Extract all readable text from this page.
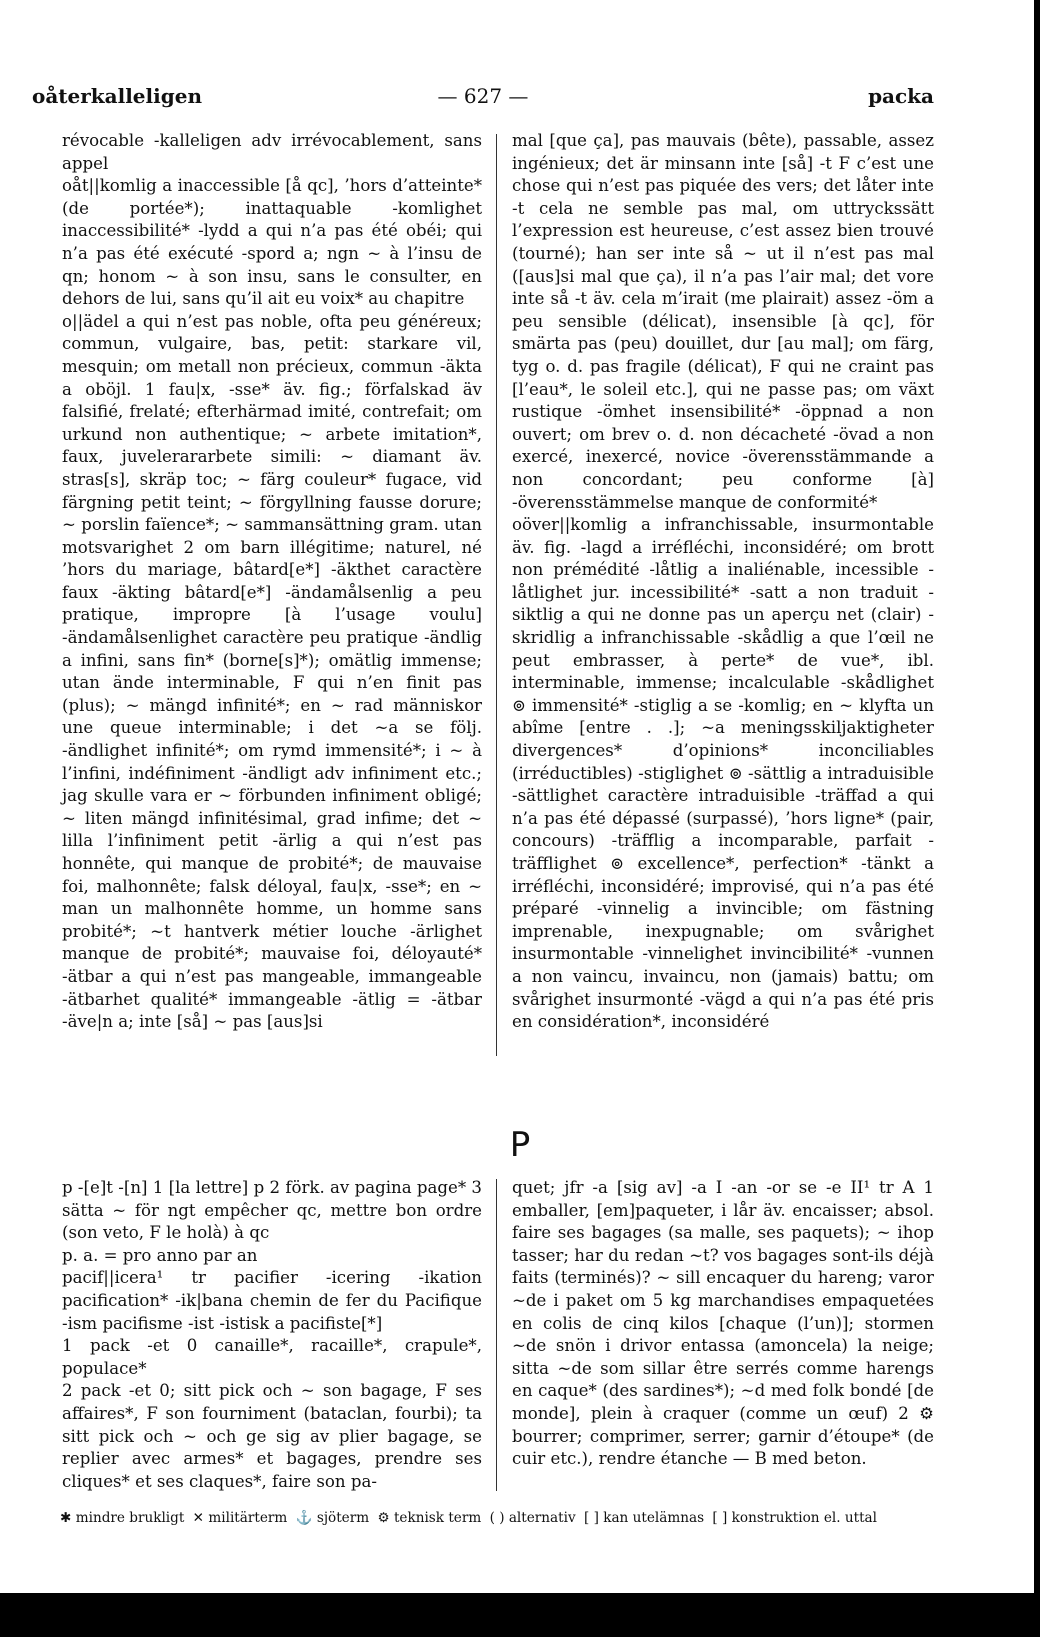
oåterkalleligen	— 627 —	packa

révocable -kalleligen adv irrévocablement, sans appel

oåt||komlig a inaccessible [å qc], ’hors d’atteinte* (de portée*); inattaquable -komlighet inaccessibilité* -lydd a qui n’a pas été obéi; qui n’a pas été exécuté -spord a; ngn ~ à l’insu de qn; honom ~ à son insu, sans le consulter, en dehors de lui, sans qu’il ait eu voix* au chapitre

o||ädel a qui n’est pas noble, ofta peu généreux; commun, vulgaire, bas, petit: starkare vil, mesquin; om metall non précieux, commun -äkta a oböjl. 1 fau|x, -sse* äv. fig.; förfalskad äv falsifié, frelaté; efterhärmad imité, contrefait; om urkund non authentique; ~ arbete imitation*, faux, juvelerararbete simili: ~ diamant äv. stras[s], skräp toc; ~ färg couleur* fugace, vid färgning petit teint; ~ förgyllning fausse dorure; ~ porslin faïence*; ~ sammansättning gram. utan motsvarighet 2 om barn illégitime; naturel, né ’hors du mariage, bâtard[e*] -äkthet caractère faux -äkting bâtard[e*] -ändamålsenlig a peu pratique, impropre [à l’usage voulu] -ändamålsenlighet caractère peu pratique -ändlig a infini, sans fin* (borne[s]*); omätlig immense; utan ände interminable, F qui n’en finit pas (plus); ~ mängd infinité*; en ~ rad människor une queue interminable; i det ~a se följ. -ändlighet infinité*; om rymd immensité*; i ~ à l’infini, indéfiniment -ändligt adv infiniment etc.; jag skulle vara er ~ förbunden infiniment obligé; ~ liten mängd infinitésimal, grad infime; det ~ lilla l’infiniment petit -ärlig a qui n’est pas honnête, qui manque de probité*; de mauvaise foi, malhonnête; falsk déloyal, fau|x, -sse*; en ~ man un malhonnête homme, un homme sans probité*; ~t hantverk métier louche -ärlighet manque de probité*; mauvaise foi, déloyauté* -ätbar a qui n’est pas mangeable, immangeable -ätbarhet qualité* immangeable -ätlig = -ätbar -äve|n a; inte [så] ~ pas [aus]si

mal [que ça], pas mauvais (bête), passable, assez ingénieux; det är minsann inte [så] -t F c’est une chose qui n’est pas piquée des vers; det låter inte -t cela ne semble pas mal, om uttryckssätt l’expression est heureuse, c’est assez bien trouvé (tourné); han ser inte så ~ ut il n’est pas mal ([aus]si mal que ça), il n’a pas l’air mal; det vore inte så -t äv. cela m’irait (me plairait) assez -öm a peu sensible (délicat), insensible [à qc], för smärta pas (peu) douillet, dur [au mal]; om färg, tyg o. d. pas fragile (délicat), F qui ne craint pas [l’eau*, le soleil etc.], qui ne passe pas; om växt rustique -ömhet insensibilité* -öppnad a non ouvert; om brev o. d. non décacheté -övad a non exercé, inexercé, novice -överensstämmande a non concordant; peu conforme [à] -överensstämmelse manque de conformité*

oöver||komlig a infranchissable, insurmontable äv. fig. -lagd a irréfléchi, inconsidéré; om brott non prémédité -låtlig a inaliénable, incessible -låtlighet jur. incessibilité* -satt a non traduit -siktlig a qui ne donne pas un aperçu net (clair) -skridlig a infranchissable -skådlig a que l’œil ne peut embrasser, à perte* de vue*, ibl. interminable, immense; incalculable -skådlighet ⊚ immensité* -stiglig a se -komlig; en ~ klyfta un abîme [entre . .]; ~a meningsskiljaktigheter divergences* d’opinions* inconciliables (irréductibles) -stiglighet ⊚ -sättlig a intraduisible -sättlighet caractère intraduisible -träffad a qui n’a pas été dépassé (surpassé), ’hors ligne* (pair, concours) -träfflig a incomparable, parfait -träfflighet ⊚ excellence*, perfection* -tänkt a irréfléchi, inconsidéré; improvisé, qui n’a pas été préparé -vinnelig a invincible; om fästning imprenable, inexpugnable; om svårighet insurmontable -vinnelighet invincibilité* -vunnen a non vaincu, invaincu, non (jamais) battu; om svårighet insurmonté -vägd a qui n’a pas été pris en considération*, inconsidéré

P

p -[e]t -[n] 1 [la lettre] p 2 förk. av pagina page* 3 sätta ~ för ngt empêcher qc, mettre bon ordre (son veto, F le holà) à qc

p. a. = pro anno par an

pacif||icera¹ tr pacifier -icering -ikation pacification* -ik|bana chemin de fer du Pacifique -ism pacifisme -ist -istisk a pacifiste[*]

1 pack -et 0 canaille*, racaille*, crapule*, populace*

2 pack -et 0; sitt pick och ~ son bagage, F ses affaires*, F son fourniment (bataclan, fourbi); ta sitt pick och ~ och ge sig av plier bagage, se replier avec armes* et bagages, prendre ses cliques* et ses claques*, faire son pa-

quet; jfr -a [sig av] -a I -an -or se -e II¹ tr A 1 emballer, [em]paqueter, i lår äv. encaisser; absol. faire ses bagages (sa malle, ses paquets); ~ ihop tasser; har du redan ~t? vos bagages sont-ils déjà faits (terminés)? ~ sill encaquer du hareng; varor ~de i paket om 5 kg marchandises empaquetées en colis de cinq kilos [chaque (l’un)]; stormen ~de snön i drivor entassa (amoncela) la neige; sitta ~de som sillar être serrés comme harengs en caque* (des sardines*); ~d med folk bondé [de monde], plein à craquer (comme un œuf) 2 ⚙ bourrer; comprimer, serrer; garnir d’étoupe* (de cuir etc.), rendre étanche — B med beton.

✱ mindre brukligt ✕ militärterm ⚓ sjöterm ⚙ teknisk term ( ) alternativ [ ] kan utelämnas [ ] konstruktion el. uttal
